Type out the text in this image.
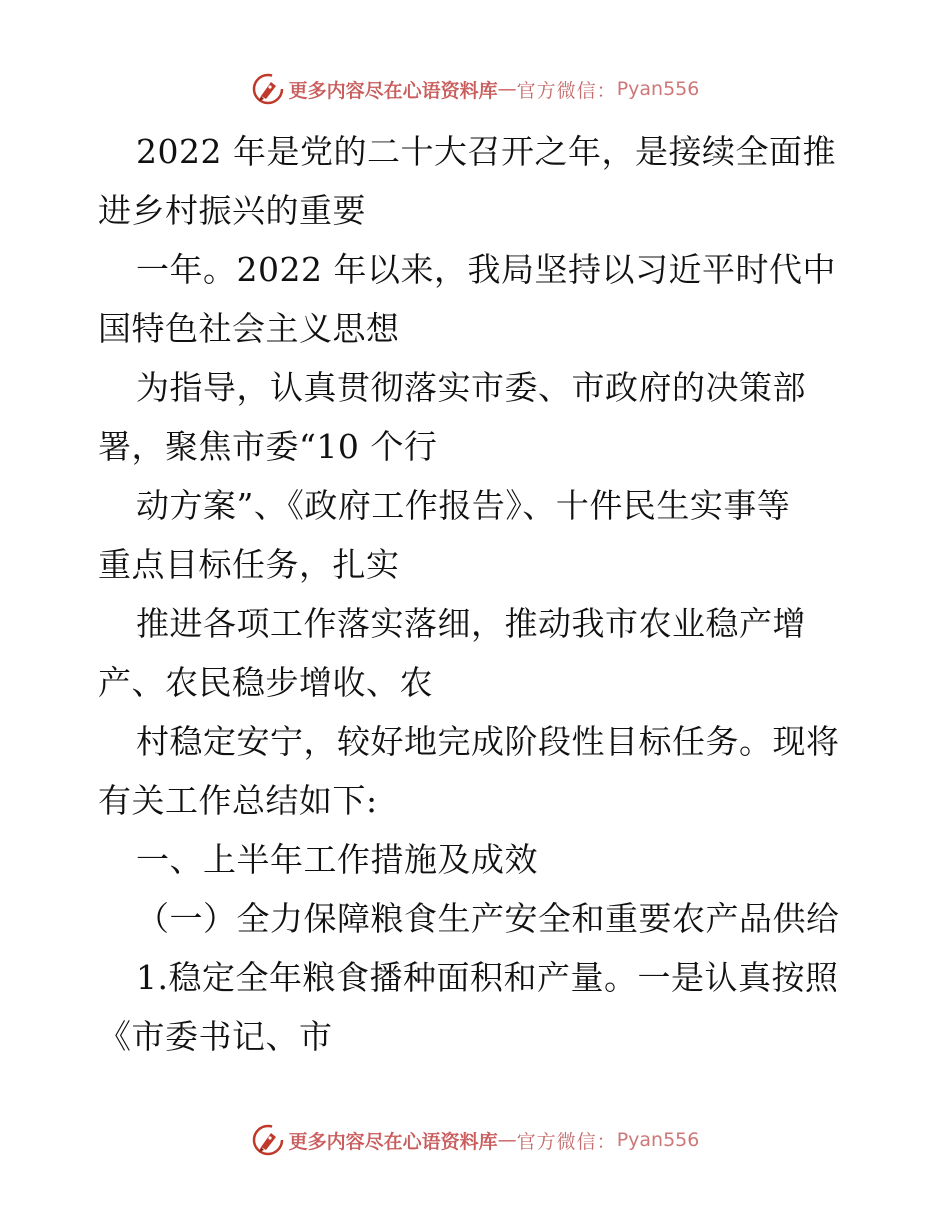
更多内容尽在心语资料库 — 官方微信： Pyan556
2022 年是党的二十大召开之年，是接续全面推
进乡村振兴的重要
一年。2022 年以来，我局坚持以习近平时代中
国特色社会主义思想
为指导，认真贯彻落实市委、市政府的决策部
署，聚焦市委“10 个行
动方案”、《政府工作报告》、十件民生实事等
重点目标任务，扎实
推进各项工作落实落细，推动我市农业稳产增
产、农民稳步增收、农
村稳定安宁，较好地完成阶段性目标任务。现将
有关工作总结如下:
一、上半年工作措施及成效
（一）全力保障粮食生产安全和重要农产品供给
1.稳定全年粮食播种面积和产量。一是认真按照
《市委书记、市
更多内容尽在心语资料库 — 官方微信： Pyan556
